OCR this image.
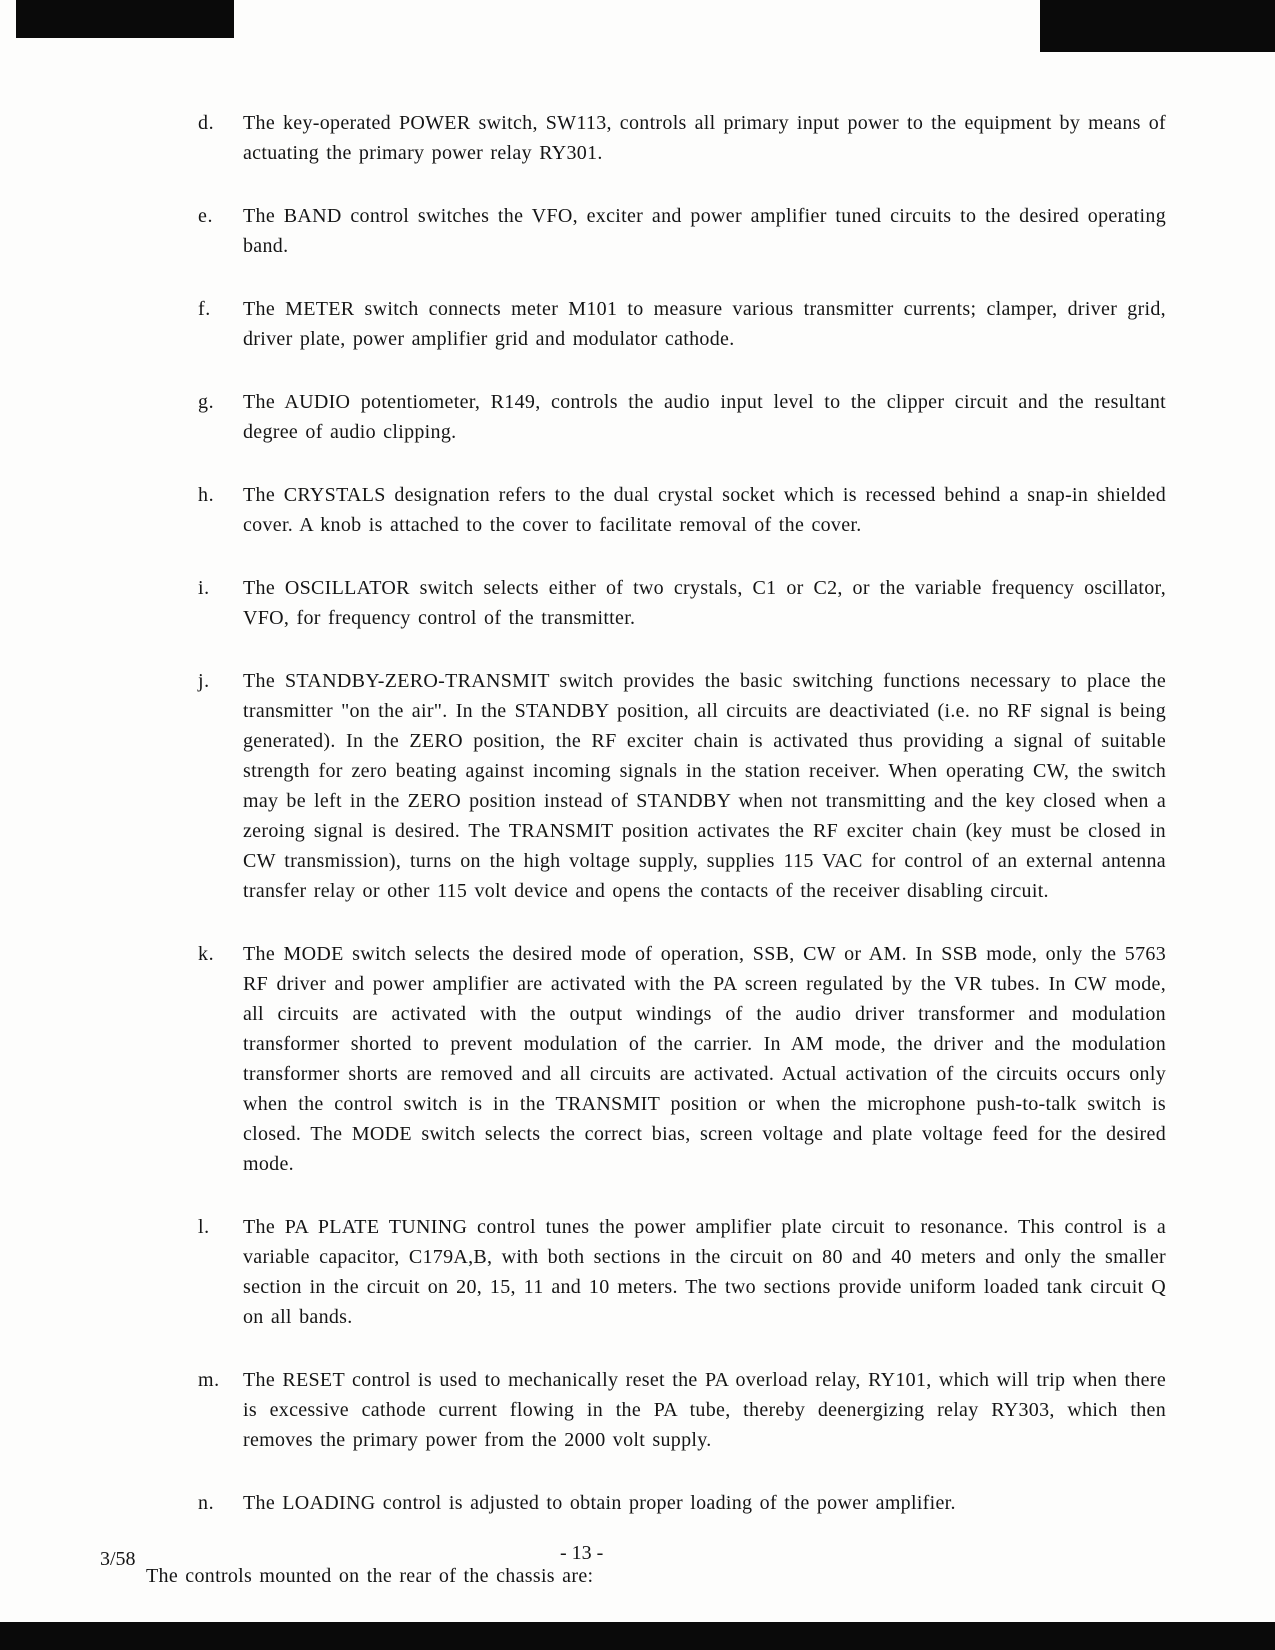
d.	The key-operated POWER switch, SW113, controls all primary input power to the equipment by means of actuating the primary power relay RY301.

e.	The BAND control switches the VFO, exciter and power amplifier tuned circuits to the desired operating band.

f.	The METER switch connects meter M101 to measure various transmitter currents; clamper, driver grid, driver plate, power amplifier grid and modulator cathode.

g.	The AUDIO potentiometer, R149, controls the audio input level to the clipper circuit and the resultant degree of audio clipping.

h.	The CRYSTALS designation refers to the dual crystal socket which is recessed behind a snap-in shielded cover. A knob is attached to the cover to facilitate removal of the cover.

i.	The OSCILLATOR switch selects either of two crystals, C1 or C2, or the variable frequency oscillator, VFO, for frequency control of the transmitter.

j.	The STANDBY-ZERO-TRANSMIT switch provides the basic switching functions necessary to place the transmitter "on the air". In the STANDBY position, all circuits are deactiviated (i.e. no RF signal is being generated). In the ZERO position, the RF exciter chain is activated thus providing a signal of suitable strength for zero beating against incoming signals in the station receiver. When operating CW, the switch may be left in the ZERO position instead of STANDBY when not transmitting and the key closed when a zeroing signal is desired. The TRANSMIT position activates the RF exciter chain (key must be closed in CW transmission), turns on the high voltage supply, supplies 115 VAC for control of an external antenna transfer relay or other 115 volt device and opens the contacts of the receiver disabling circuit.

k.	The MODE switch selects the desired mode of operation, SSB, CW or AM. In SSB mode, only the 5763 RF driver and power amplifier are activated with the PA screen regulated by the VR tubes. In CW mode, all circuits are activated with the output windings of the audio driver transformer and modulation transformer shorted to prevent modulation of the carrier. In AM mode, the driver and the modulation transformer shorts are removed and all circuits are activated. Actual activation of the circuits occurs only when the control switch is in the TRANSMIT position or when the microphone push-to-talk switch is closed. The MODE switch selects the correct bias, screen voltage and plate voltage feed for the desired mode.

l.	The PA PLATE TUNING control tunes the power amplifier plate circuit to resonance. This control is a variable capacitor, C179A,B, with both sections in the circuit on 80 and 40 meters and only the smaller section in the circuit on 20, 15, 11 and 10 meters. The two sections provide uniform loaded tank circuit Q on all bands.

m.	The RESET control is used to mechanically reset the PA overload relay, RY101, which will trip when there is excessive cathode current flowing in the PA tube, thereby deenergizing relay RY303, which then removes the primary power from the 2000 volt supply.

n.	The LOADING control is adjusted to obtain proper loading of the power amplifier.

The controls mounted on the rear of the chassis are:

3/58	- 13 -
